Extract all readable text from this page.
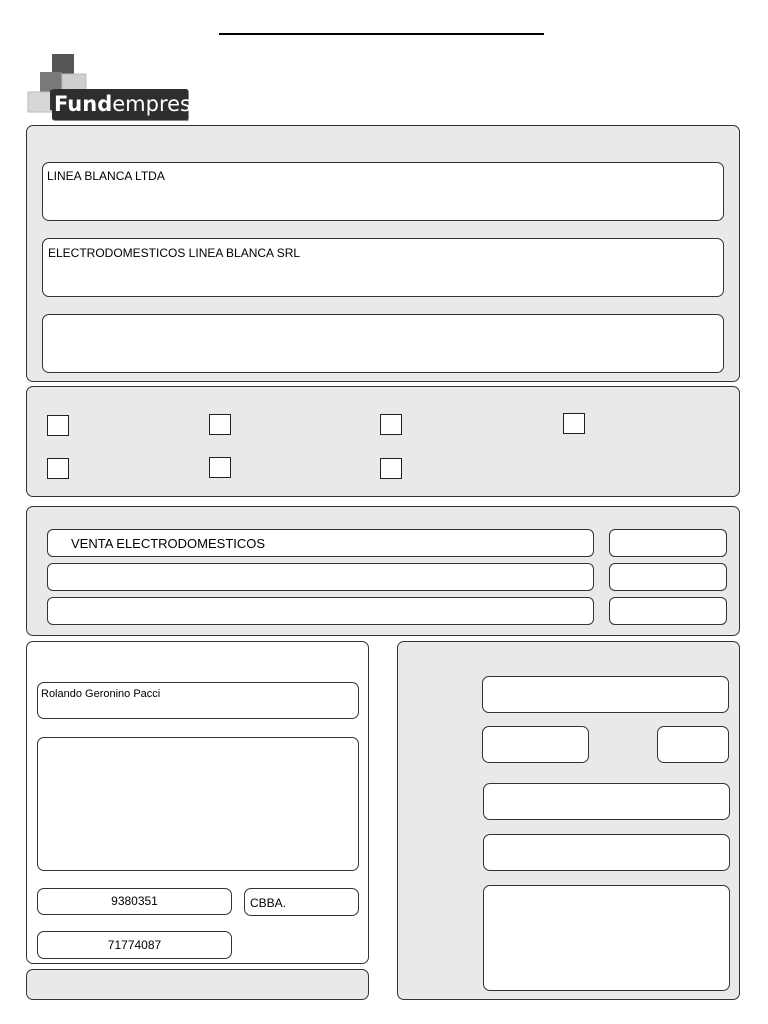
Fundempresa
LINEA BLANCA LTDA
ELECTRODOMESTICOS LINEA BLANCA SRL
VENTA ELECTRODOMESTICOS
Rolando Geronino Pacci
9380351	CBBA.
71774087
